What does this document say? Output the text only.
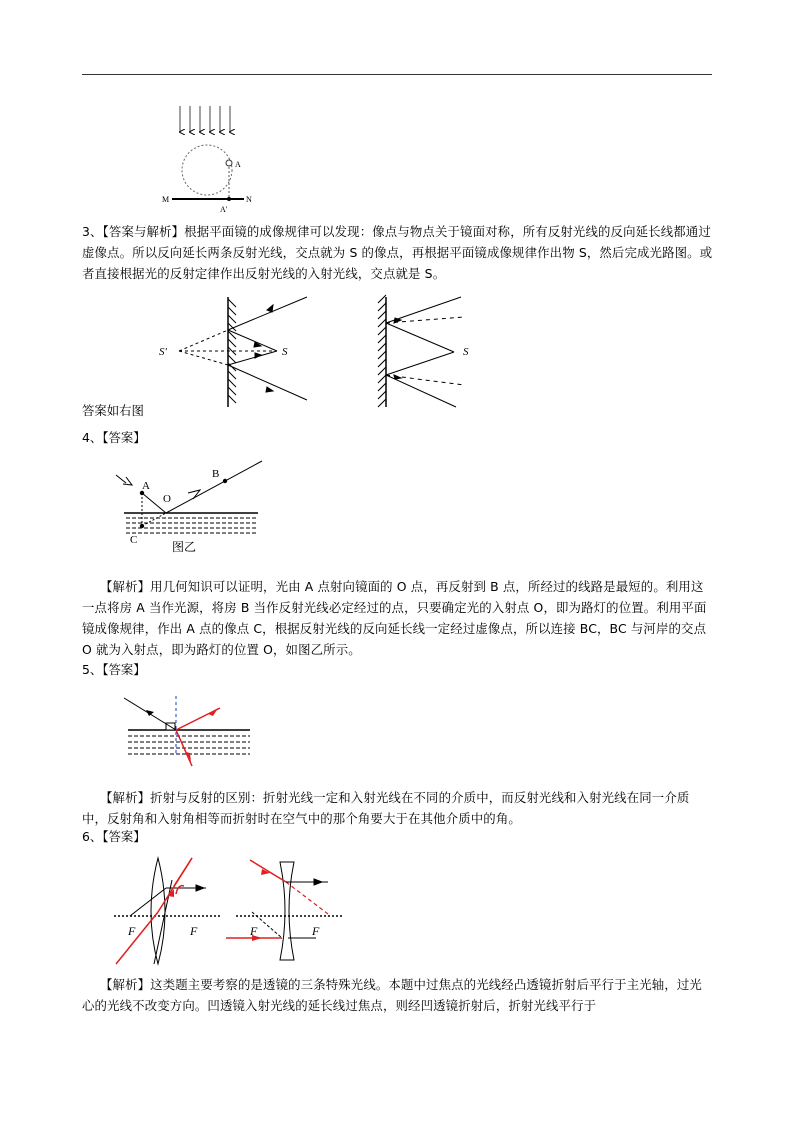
A
M	N
A'

3、【答案与解析】根据平面镜的成像规律可以发现：像点与物点关于镜面对称，所有反射光线的反向延长线都通过虚像点。所以反向延长两条反射光线，交点就为 S 的像点，再根据平面镜成像规律作出物 S，然后完成光路图。或者直接根据光的反射定律作出反射光线的入射光线，交点就是 S。

S′	S	S
答案如右图
4、【答案】
A
B
O
C	图乙

【解析】用几何知识可以证明，光由 A 点射向镜面的 O 点，再反射到 B 点，所经过的线路是最短的。利用这一点将房 A 当作光源，将房 B 当作反射光线必定经过的点，只要确定光的入射点 O，即为路灯的位置。利用平面镜成像规律，作出 A 点的像点 C，根据反射光线的反向延长线一定经过虚像点，所以连接 BC，BC 与河岸的交点 O 就为入射点，即为路灯的位置 O，如图乙所示。

5、【答案】

【解析】折射与反射的区别：折射光线一定和入射光线在不同的介质中，而反射光线和入射光线在同一介质中，反射角和入射角相等而折射时在空气中的那个角要大于在其他介质中的角。

6、【答案】
F	F	F	F

【解析】这类题主要考察的是透镜的三条特殊光线。本题中过焦点的光线经凸透镜折射后平行于主光轴，过光心的光线不改变方向。凹透镜入射光线的延长线过焦点，则经凹透镜折射后，折射光线平行于
